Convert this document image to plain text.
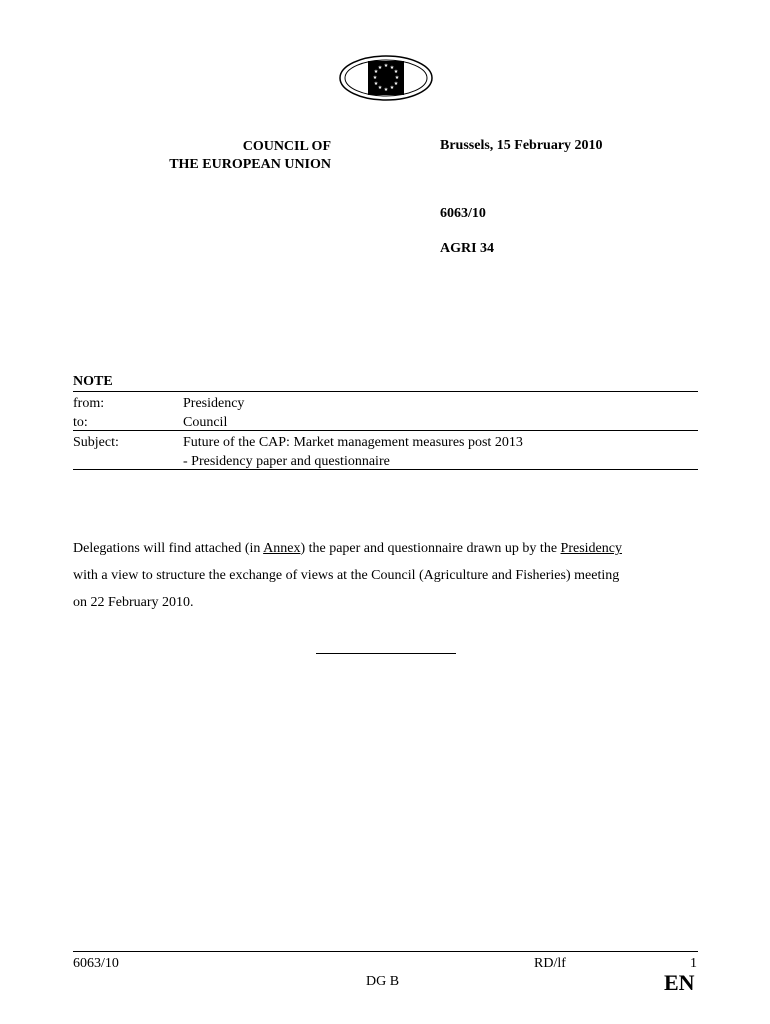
★ ★
★
★
★
★
★
★
★
★
★
★
COUNCIL OF
THE EUROPEAN UNION
Brussels, 15 February 2010
6063/10
AGRI 34
NOTE
from:	Presidency
to:	Council
Subject:	Future of the CAP: Market management measures post 2013
- Presidency paper and questionnaire

Delegations will find attached (in Annex) the paper and questionnaire drawn up by the Presidency

with a view to structure the exchange of views at the Council (Agriculture and Fisheries) meeting

on 22 February 2010.

6063/10	RD/lf	1
DG B	EN
